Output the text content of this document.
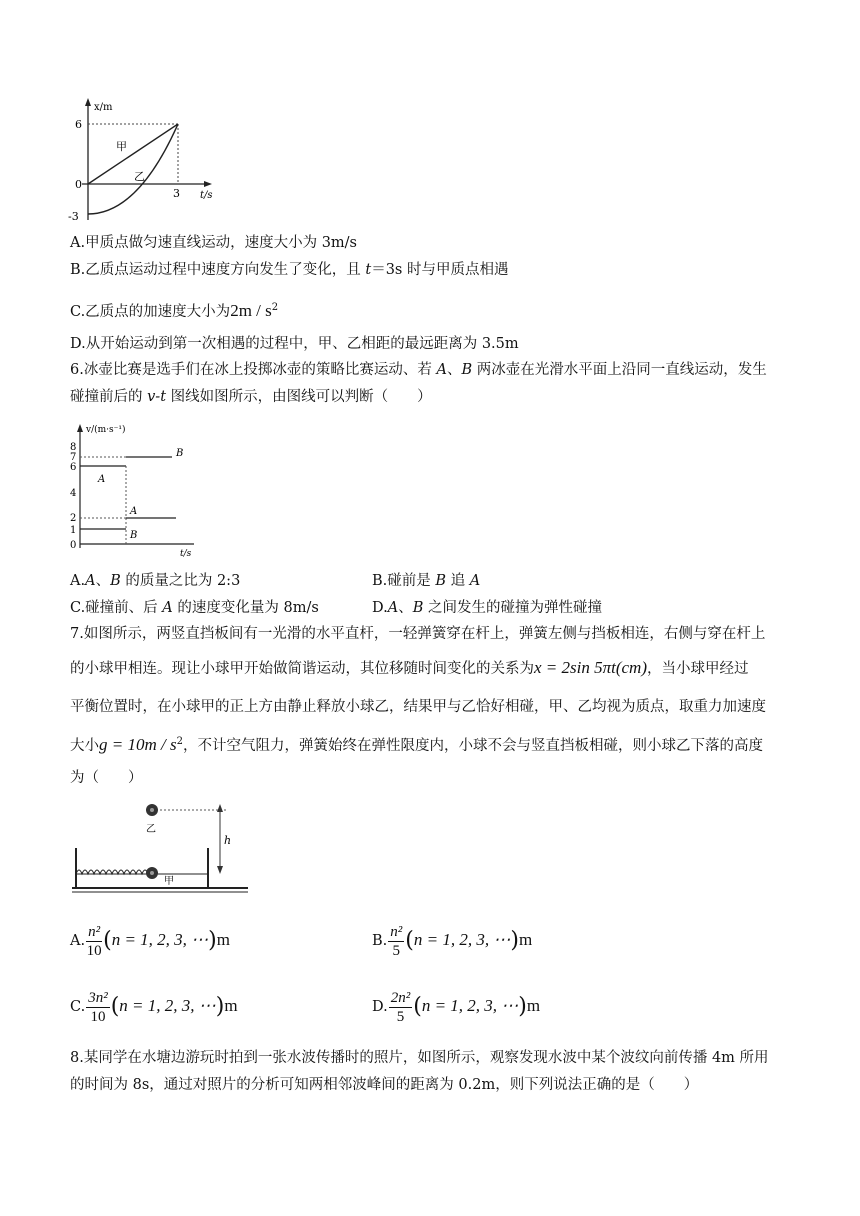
x/m
t/s
6
0
-3
3
甲
乙
A.甲质点做匀速直线运动，速度大小为 3m/s
B.乙质点运动过程中速度方向发生了变化，且 t＝3s 时与甲质点相遇
C.乙质点的加速度大小为$2m / s^2$
D.从开始运动到第一次相遇的过程中，甲、乙相距的最远距离为 3.5m
6.冰壶比赛是选手们在冰上投掷冰壶的策略比赛运动、若 A、B 两冰壶在光滑水平面上沿同一直线运动，发生
碰撞前后的 v-t 图线如图所示，由图线可以判断（　　）
v/(m·s⁻¹)
t/s
8
7
6
4
2
1
0
B
A
A
B
A.A、B 的质量之比为 2:3	B.碰前是 B 追 A
C.碰撞前、后 A 的速度变化量为 8m/s	D.A、B 之间发生的碰撞为弹性碰撞
7.如图所示，两竖直挡板间有一光滑的水平直杆，一轻弹簧穿在杆上，弹簧左侧与挡板相连，右侧与穿在杆上
的小球甲相连。现让小球甲开始做简谐运动，其位移随时间变化的关系为x = 2sin 5πt(cm)，当小球甲经过
平衡位置时，在小球甲的正上方由静止释放小球乙，结果甲与乙恰好相碰，甲、乙均视为质点，取重力加速度
大小$g = 10m / s^2$，不计空气阻力，弹簧始终在弹性限度内，小球不会与竖直挡板相碰，则小球乙下落的高度
为（　　）
乙
甲
h
A. $\frac{\text{n²}}{10} (n = 1$, 2, 3, ⋯)m	B. $\frac{\text{n²}}{5} (n = 1$, 2, 3, ⋯)m
C. $\frac{\text{3n²}}{10} (n = 1$, 2, 3, ⋯)m	D. $\frac{\text{2n²}}{5} (n = 1$, 2, 3, ⋯)m
8.某同学在水塘边游玩时拍到一张水波传播时的照片，如图所示，观察发现水波中某个波纹向前传播 4m 所用
的时间为 8s，通过对照片的分析可知两相邻波峰间的距离为 0.2m，则下列说法正确的是（　　）
